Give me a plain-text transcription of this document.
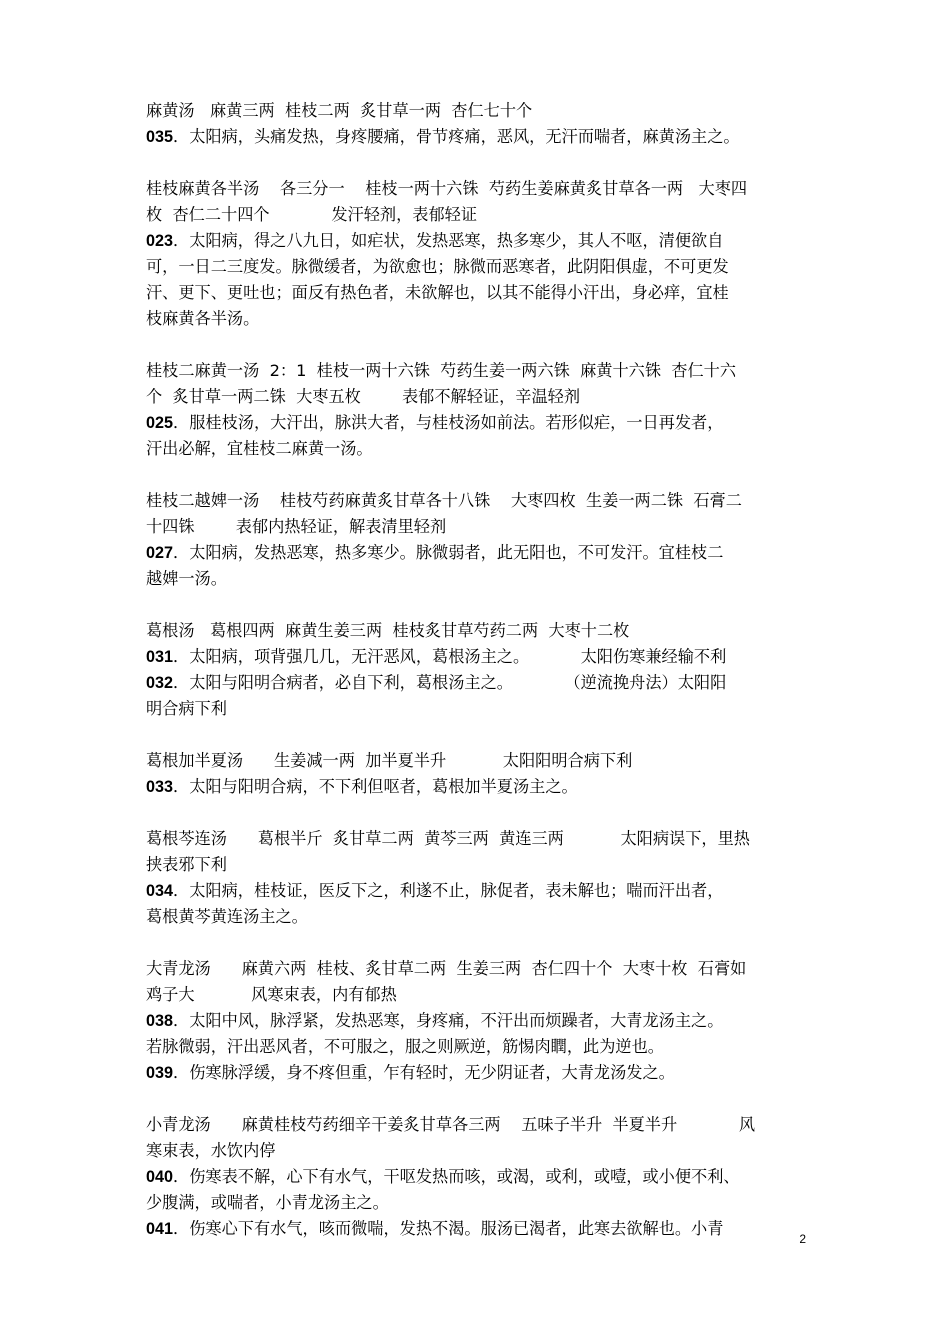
麻黄汤   麻黄三两  桂枝二两  炙甘草一两  杏仁七十个
035．太阳病，头痛发热，身疼腰痛，骨节疼痛，恶风，无汗而喘者，麻黄汤主之。
桂枝麻黄各半汤    各三分一    桂枝一两十六铢  芍药生姜麻黄炙甘草各一两   大枣四
枚  杏仁二十四个            发汗轻剂，表郁轻证
023．太阳病，得之八九日，如疟状，发热恶寒，热多寒少，其人不呕，清便欲自
可，一日二三度发。脉微缓者，为欲愈也；脉微而恶寒者，此阴阳俱虚，不可更发
汗、更下、更吐也；面反有热色者，未欲解也，以其不能得小汗出，身必痒，宜桂
枝麻黄各半汤。
桂枝二麻黄一汤  2：1  桂枝一两十六铢  芍药生姜一两六铢  麻黄十六铢  杏仁十六
个  炙甘草一两二铢  大枣五枚        表郁不解轻证，辛温轻剂
025．服桂枝汤，大汗出，脉洪大者，与桂枝汤如前法。若形似疟，一日再发者，
汗出必解，宜桂枝二麻黄一汤。
桂枝二越婢一汤    桂枝芍药麻黄炙甘草各十八铢    大枣四枚  生姜一两二铢  石膏二
十四铢        表郁内热轻证，解表清里轻剂
027．太阳病，发热恶寒，热多寒少。脉微弱者，此无阳也，不可发汗。宜桂枝二
越婢一汤。
葛根汤   葛根四两  麻黄生姜三两  桂枝炙甘草芍药二两  大枣十二枚
031．太阳病，项背强几几，无汗恶风，葛根汤主之。          太阳伤寒兼经输不利
032．太阳与阳明合病者，必自下利，葛根汤主之。          （逆流挽舟法）太阳阳
明合病下利
葛根加半夏汤      生姜减一两  加半夏半升           太阳阳明合病下利
033．太阳与阳明合病，不下利但呕者，葛根加半夏汤主之。
葛根芩连汤      葛根半斤  炙甘草二两  黄芩三两  黄连三两           太阳病误下，里热
挟表邪下利
034．太阳病，桂枝证，医反下之，利遂不止，脉促者，表未解也；喘而汗出者，
葛根黄芩黄连汤主之。
大青龙汤      麻黄六两  桂枝、炙甘草二两  生姜三两  杏仁四十个  大枣十枚  石膏如
鸡子大           风寒束表，内有郁热
038．太阳中风，脉浮紧，发热恶寒，身疼痛，不汗出而烦躁者，大青龙汤主之。
若脉微弱，汗出恶风者，不可服之，服之则厥逆，筋惕肉瞤，此为逆也。
039．伤寒脉浮缓，身不疼但重，乍有轻时，无少阴证者，大青龙汤发之。
小青龙汤      麻黄桂枝芍药细辛干姜炙甘草各三两    五味子半升  半夏半升            风
寒束表，水饮内停
040．伤寒表不解，心下有水气，干呕发热而咳，或渴，或利，或噎，或小便不利、
少腹满，或喘者，小青龙汤主之。
041．伤寒心下有水气，咳而微喘，发热不渴。服汤已渴者，此寒去欲解也。小青
2
